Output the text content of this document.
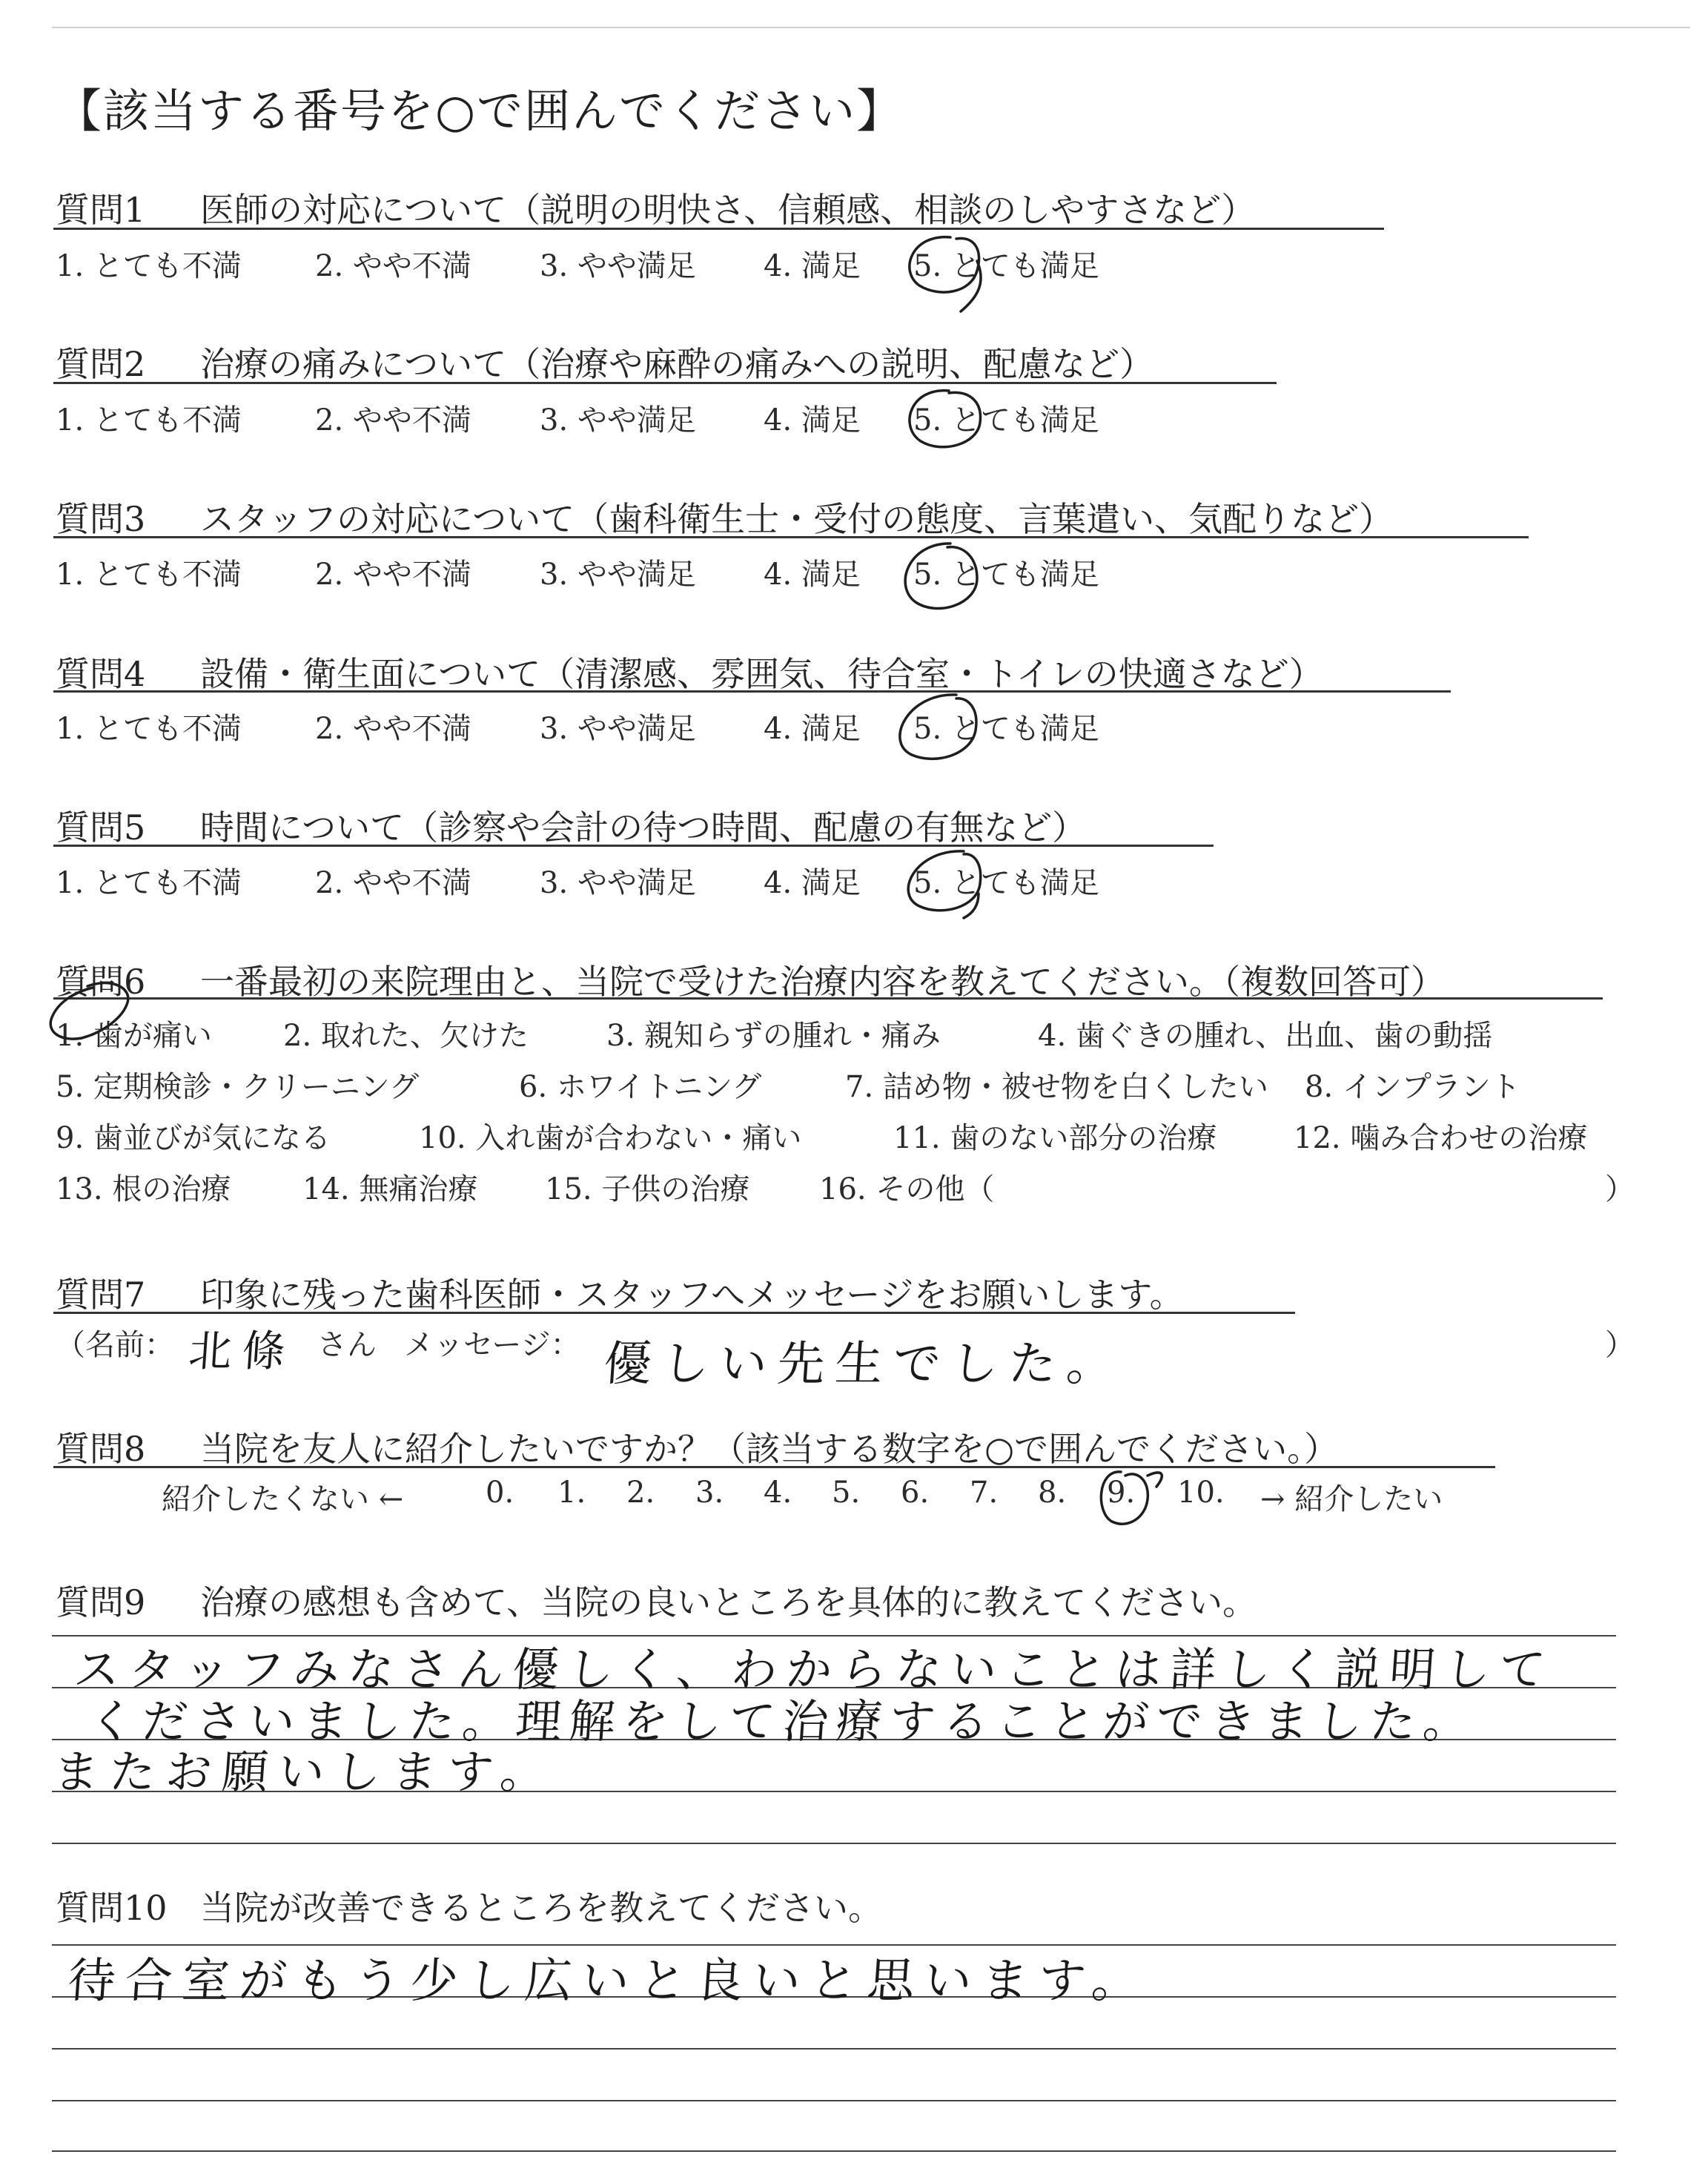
【該当する番号を○で囲んでください】
質問1 医師の対応について（説明の明快さ、信頼感、相談のしやすさなど）
1. とても不満 2. やや不満 3. やや満足 4. 満足 5. とても満足
質問2 治療の痛みについて（治療や麻酔の痛みへの説明、配慮など）
1. とても不満 2. やや不満 3. やや満足 4. 満足 5. とても満足
質問3 スタッフの対応について（歯科衛生士・受付の態度、言葉遣い、気配りなど）
1. とても不満 2. やや不満 3. やや満足 4. 満足 5. とても満足
質問4 設備・衛生面について（清潔感、雰囲気、待合室・トイレの快適さなど）
1. とても不満 2. やや不満 3. やや満足 4. 満足 5. とても満足
質問5 時間について（診察や会計の待つ時間、配慮の有無など）
1. とても不満 2. やや不満 3. やや満足 4. 満足 5. とても満足
質問6 一番最初の来院理由と、当院で受けた治療内容を教えてください。（複数回答可）
1. 歯が痛い 2. 取れた、欠けた	3. 親知らずの腫れ・痛み	4. 歯ぐきの腫れ、出血、歯の動揺
5. 定期検診・クリーニング	6. ホワイトニング	7. 詰め物・被せ物を白くしたい 8. インプラント
9. 歯並びが気になる	10. 入れ歯が合わない・痛い	11. 歯のない部分の治療	12. 噛み合わせの治療
13. 根の治療 14. 無痛治療 15. 子供の治療 16. その他（	）
質問7 印象に残った歯科医師・スタッフへメッセージをお願いします。
（名前： 北條 さん メッセージ： 優しい先生でした。	）
質問8 当院を友人に紹介したいですか？（該当する数字を○で囲んでください。）
紹介したくない ←	0. 1. 2. 3. 4. 5. 6. 7. 8. 9. 10. → 紹介したい
質問9 治療の感想も含めて、当院の良いところを具体的に教えてください。
スタッフみなさん優しく、わからないことは詳しく説明して
くださいました。理解をして治療することができました。
またお願いします。
質問10 当院が改善できるところを教えてください。
待合室がもう少し広いと良いと思います。
